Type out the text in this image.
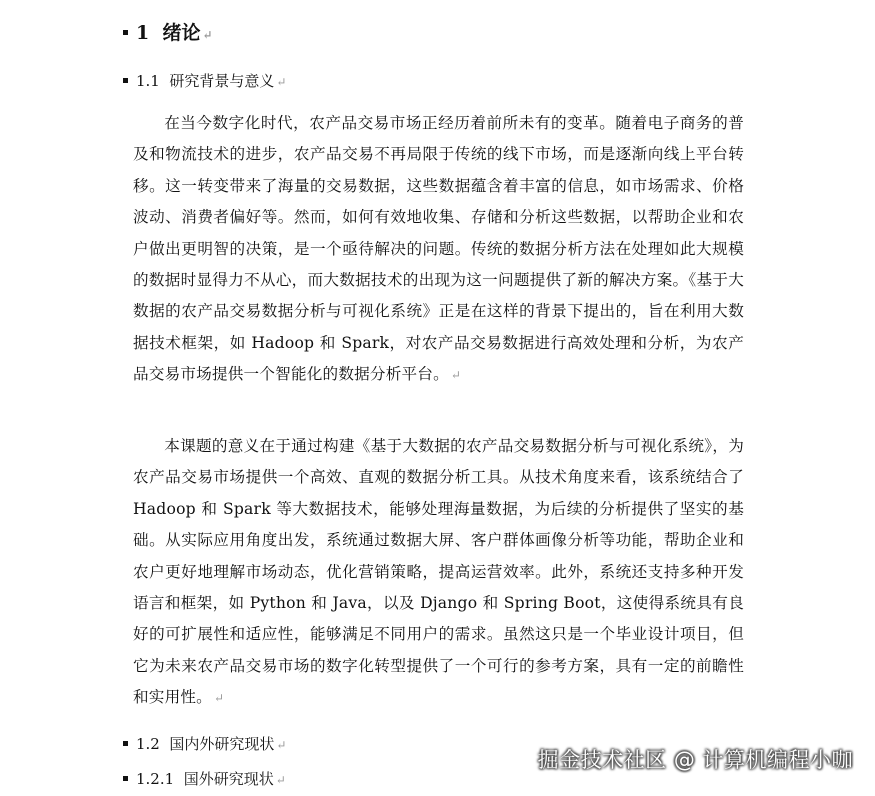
1 绪论 ↵
1.1 研究背景与意义 ↵

在当今数字化时代，农产品交易市场正经历着前所未有的变革。随着电子商务的普及和物流技术的进步，农产品交易不再局限于传统的线下市场，而是逐渐向线上平台转移。这一转变带来了海量的交易数据，这些数据蕴含着丰富的信息，如市场需求、价格波动、消费者偏好等。然而，如何有效地收集、存储和分析这些数据，以帮助企业和农户做出更明智的决策，是一个亟待解决的问题。传统的数据分析方法在处理如此大规模的数据时显得力不从心，而大数据技术的出现为这一问题提供了新的解决方案。《基于大数据的农产品交易数据分析与可视化系统》正是在这样的背景下提出的，旨在利用大数据技术框架，如 Hadoop 和 Spark，对农产品交易数据进行高效处理和分析，为农产品交易市场提供一个智能化的数据分析平台。 ↵

本课题的意义在于通过构建《基于大数据的农产品交易数据分析与可视化系统》，为农产品交易市场提供一个高效、直观的数据分析工具。从技术角度来看，该系统结合了 Hadoop 和 Spark 等大数据技术，能够处理海量数据，为后续的分析提供了坚实的基础。从实际应用角度出发，系统通过数据大屏、客户群体画像分析等功能，帮助企业和农户更好地理解市场动态，优化营销策略，提高运营效率。此外，系统还支持多种开发语言和框架，如 Python 和 Java，以及 Django 和 Spring Boot，这使得系统具有良好的可扩展性和适应性，能够满足不同用户的需求。虽然这只是一个毕业设计项目，但它为未来农产品交易市场的数字化转型提供了一个可行的参考方案，具有一定的前瞻性和实用性。 ↵

1.2 国内外研究现状 ↵
1.2.1 国外研究现状 ↵
掘金技术社区 @ 计算机编程小咖
